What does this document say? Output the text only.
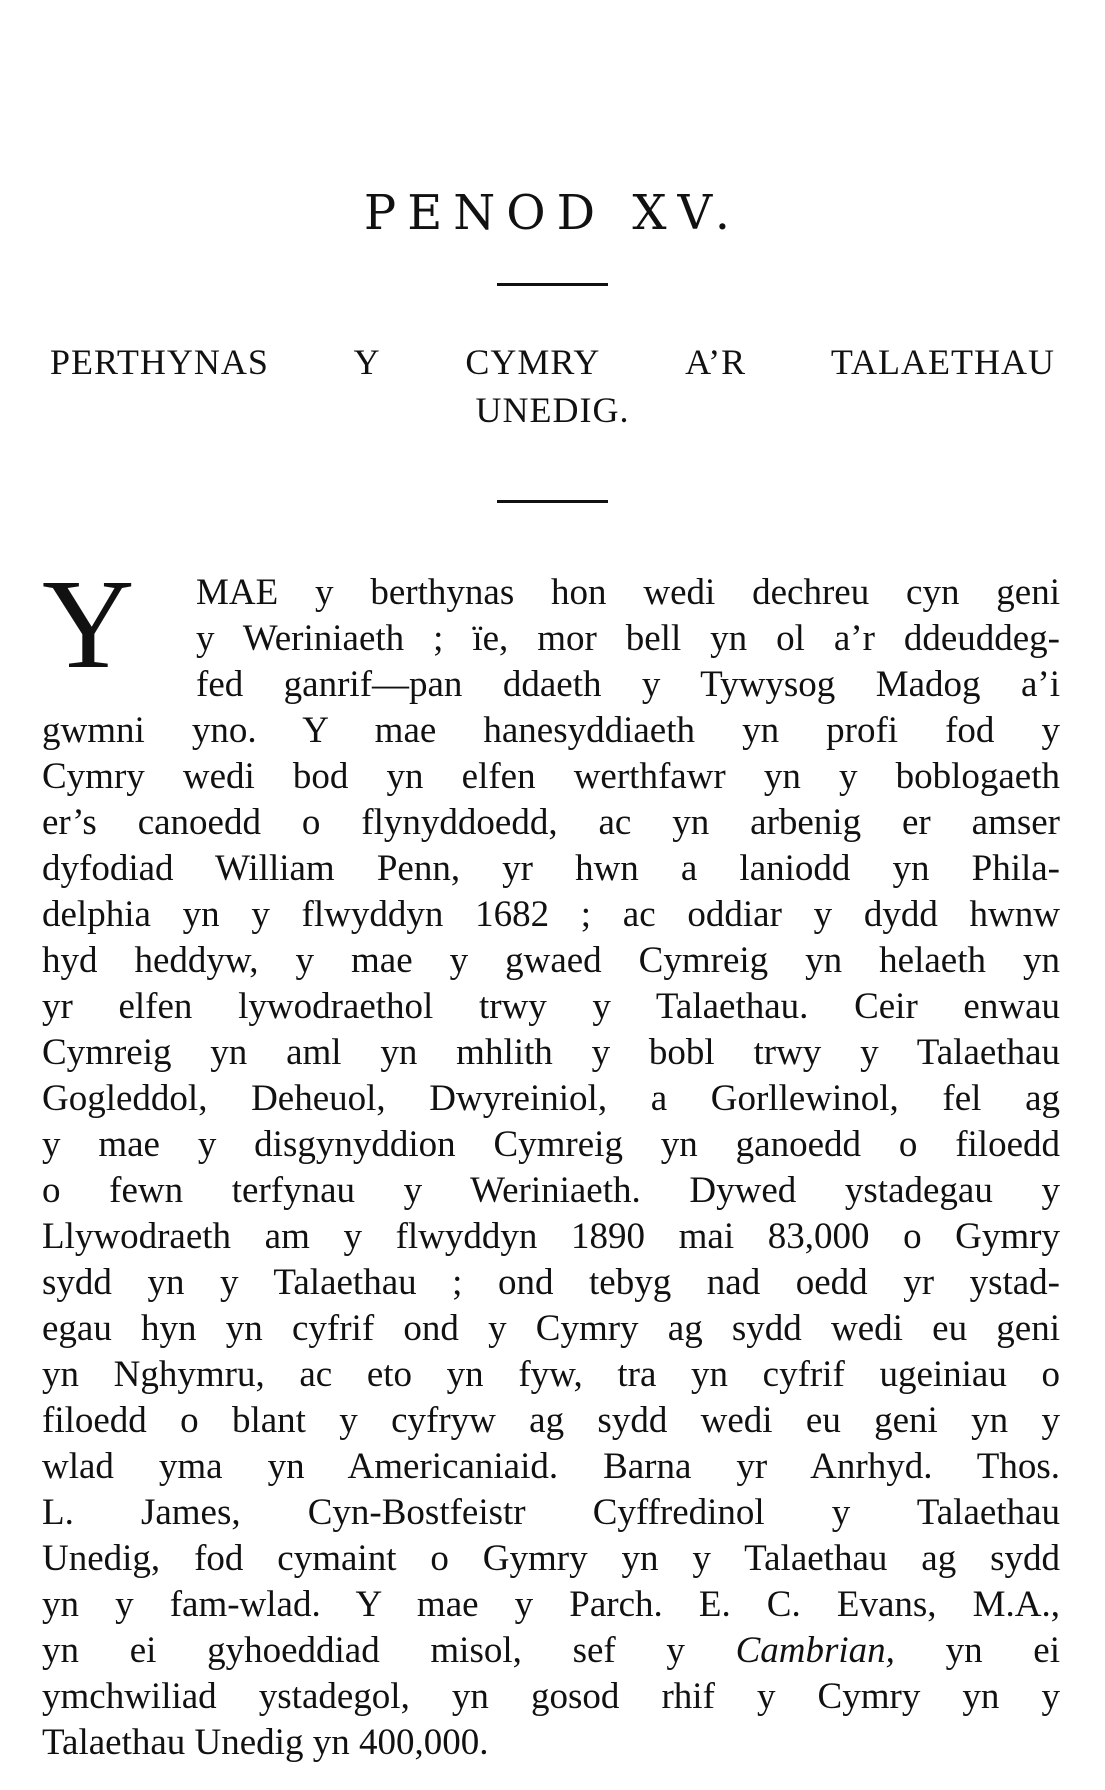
PENOD XV.
PERTHYNAS Y CYMRY A’R TALAETHAU
UNEDIG.
Y MAE y berthynas hon wedi dechreu cyn geni
y Weriniaeth ; ïe, mor bell yn ol a’r ddeuddeg-
fed ganrif—pan ddaeth y Tywysog Madog a’i
gwmni yno. Y mae hanesyddiaeth yn profi fod y
Cymry wedi bod yn elfen werthfawr yn y boblogaeth
er’s canoedd o flynyddoedd, ac yn arbenig er amser
dyfodiad William Penn, yr hwn a laniodd yn Phila-
delphia yn y flwyddyn 1682 ; ac oddiar y dydd hwnw
hyd heddyw, y mae y gwaed Cymreig yn helaeth yn
yr elfen lywodraethol trwy y Talaethau. Ceir enwau
Cymreig yn aml yn mhlith y bobl trwy y Talaethau
Gogleddol, Deheuol, Dwyreiniol, a Gorllewinol, fel ag
y mae y disgynyddion Cymreig yn ganoedd o filoedd
o fewn terfynau y Weriniaeth. Dywed ystadegau y
Llywodraeth am y flwyddyn 1890 mai 83,000 o Gymry
sydd yn y Talaethau ; ond tebyg nad oedd yr ystad-
egau hyn yn cyfrif ond y Cymry ag sydd wedi eu geni
yn Nghymru, ac eto yn fyw, tra yn cyfrif ugeiniau o
filoedd o blant y cyfryw ag sydd wedi eu geni yn y
wlad yma yn Americaniaid. Barna yr Anrhyd. Thos.
L. James, Cyn-Bostfeistr Cyffredinol y Talaethau
Unedig, fod cymaint o Gymry yn y Talaethau ag sydd
yn y fam-wlad. Y mae y Parch. E. C. Evans, M.A.,
yn ei gyhoeddiad misol, sef y Cambrian, yn ei
ymchwiliad ystadegol, yn gosod rhif y Cymry yn y
Talaethau Unedig yn 400,000.
